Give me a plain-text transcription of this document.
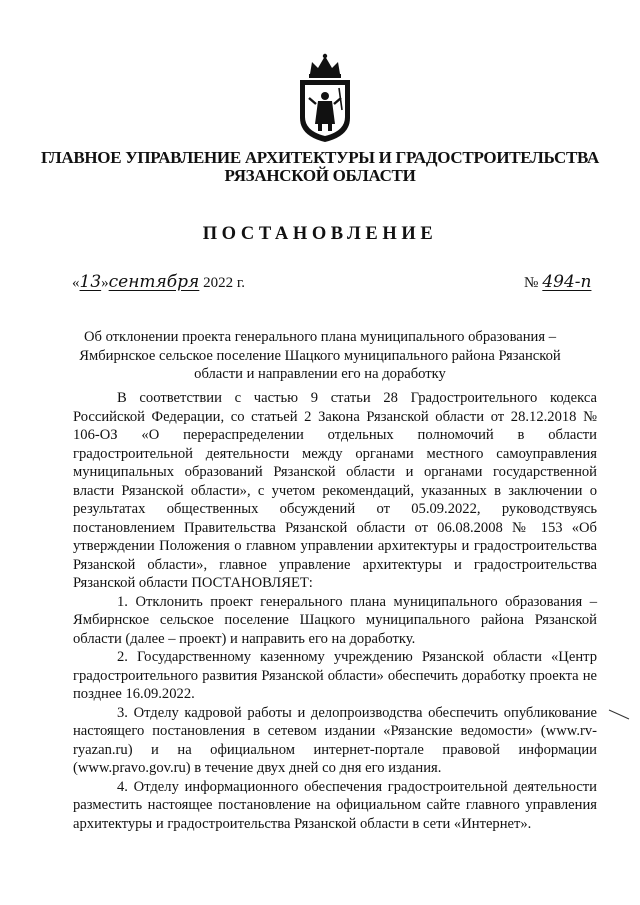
ГЛАВНОЕ УПРАВЛЕНИЕ АРХИТЕКТУРЫ И ГРАДОСТРОИТЕЛЬСТВА
РЯЗАНСКОЙ ОБЛАСТИ
ПОСТАНОВЛЕНИЕ
«13»сентября 2022 г.	№ 494-п
Об отклонении проекта генерального плана муниципального образования – Ямбирнское сельское поселение Шацкого муниципального района Рязанской области и направлении его на доработку

В соответствии с частью 9 статьи 28 Градостроительного кодекса Российской Федерации, со статьей 2 Закона Рязанской области от 28.12.2018 № 106-ОЗ «О перераспределении отдельных полномочий в области градостроительной деятельности между органами местного самоуправления муниципальных образований Рязанской области и органами государственной власти Рязанской области», с учетом рекомендаций, указанных в заключении о результатах общественных обсуждений от 05.09.2022, руководствуясь постановлением Правительства Рязанской области от 06.08.2008 № 153 «Об утверждении Положения о главном управлении архитектуры и градостроительства Рязанской области», главное управление архитектуры и градостроительства Рязанской области ПОСТАНОВЛЯЕТ:

1. Отклонить проект генерального плана муниципального образования – Ямбирнское сельское поселение Шацкого муниципального района Рязанской области (далее – проект) и направить его на доработку.

2. Государственному казенному учреждению Рязанской области «Центр градостроительного развития Рязанской области» обеспечить доработку проекта не позднее 16.09.2022.

3. Отделу кадровой работы и делопроизводства обеспечить опубликование настоящего постановления в сетевом издании «Рязанские ведомости» (www.rv-ryazan.ru) и на официальном интернет-портале правовой информации (www.pravo.gov.ru) в течение двух дней со дня его издания.

4. Отделу информационного обеспечения градостроительной деятельности разместить настоящее постановление на официальном сайте главного управления архитектуры и градостроительства Рязанской области в сети «Интернет».
